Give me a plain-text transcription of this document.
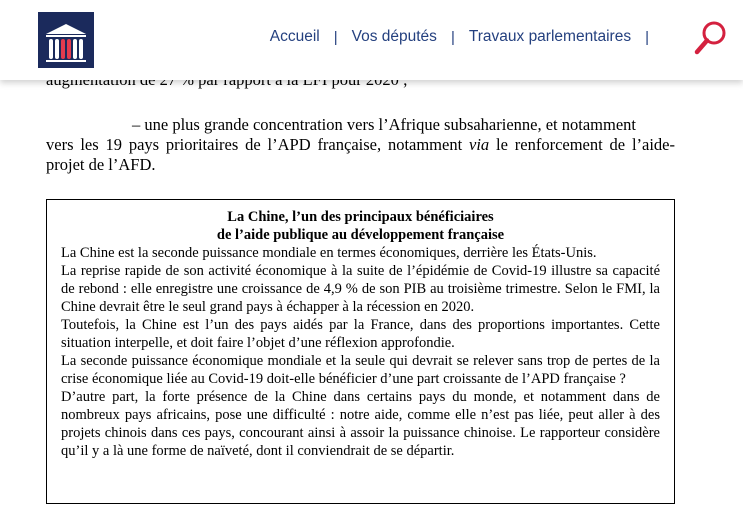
Accueil | Vos députés | Travaux parlementaires |
– une plus grande concentration vers l’Afrique subsaharienne, et notamment
vers les 19 pays prioritaires de l’APD française, notamment via le renforcement de l’aide-projet de l’AFD.
La Chine, l’un des principaux bénéficiaires
de l’aide publique au développement française

La Chine est la seconde puissance mondiale en termes économiques, derrière les États-Unis.

La reprise rapide de son activité économique à la suite de l’épidémie de Covid-19 illustre sa capacité de rebond : elle enregistre une croissance de 4,9 % de son PIB au troisième trimestre. Selon le FMI, la Chine devrait être le seul grand pays à échapper à la récession en 2020.

Toutefois, la Chine est l’un des pays aidés par la France, dans des proportions importantes. Cette situation interpelle, et doit faire l’objet d’une réflexion approfondie.

La seconde puissance économique mondiale et la seule qui devrait se relever sans trop de pertes de la crise économique liée au Covid-19 doit-elle bénéficier d’une part croissante de l’APD française ?

D’autre part, la forte présence de la Chine dans certains pays du monde, et notamment dans de nombreux pays africains, pose une difficulté : notre aide, comme elle n’est pas liée, peut aller à des projets chinois dans ces pays, concourant ainsi à assoir la puissance chinoise. Le rapporteur considère qu’il y a là une forme de naïveté, dont il conviendrait de se départir.
